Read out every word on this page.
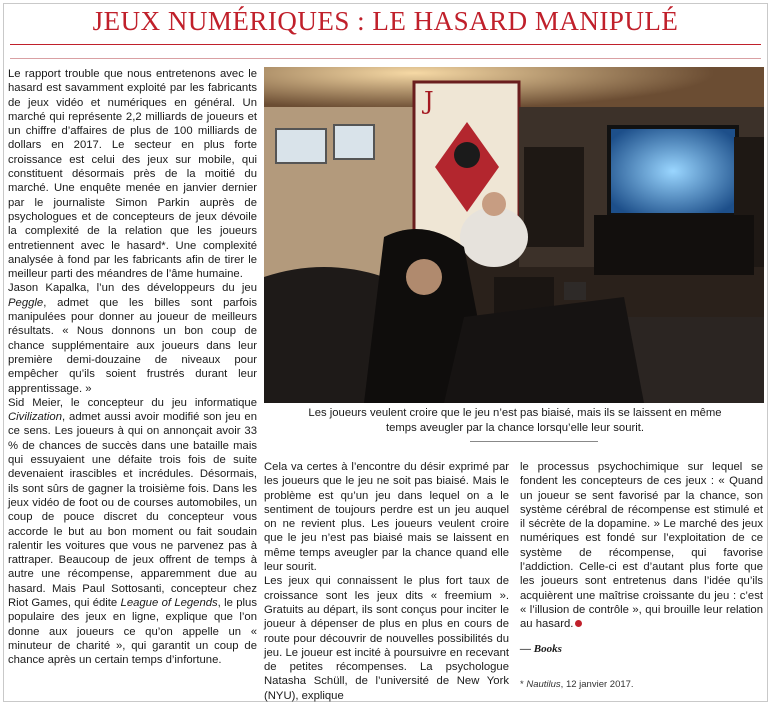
JEUX NUMÉRIQUES : LE HASARD MANIPULÉ

Le rapport trouble que nous entretenons avec le hasard est savamment exploité par les fabricants de jeux vidéo et numériques en général. Un marché qui représente 2,2 milliards de joueurs et un chiffre d’affaires de plus de 100 milliards de dollars en 2017. Le secteur en plus forte croissance est celui des jeux sur mobile, qui constituent désormais près de la moitié du marché. Une enquête menée en janvier dernier par le journaliste Simon Parkin auprès de psychologues et de concepteurs de jeux dévoile la complexité de la relation que les joueurs entretiennent avec le hasard*. Une complexité analysée à fond par les fabricants afin de tirer le meilleur parti des méandres de l’âme humaine.

Jason Kapalka, l’un des développeurs du jeu Peggle, admet que les billes sont parfois manipulées pour donner au joueur de meilleurs résultats. « Nous donnons un bon coup de chance supplémentaire aux joueurs dans leur première demi-douzaine de niveaux pour empêcher qu’ils soient frustrés durant leur apprentissage. »

Sid Meier, le concepteur du jeu informatique Civilization, admet aussi avoir modifié son jeu en ce sens. Les joueurs à qui on annonçait avoir 33 % de chances de succès dans une bataille mais qui essuyaient une défaite trois fois de suite devenaient irascibles et incrédules. Désormais, ils sont sûrs de gagner la troisième fois. Dans les jeux vidéo de foot ou de courses automobiles, un coup de pouce discret du concepteur vous accorde le but au bon moment ou fait soudain ralentir les voitures que vous ne parvenez pas à rattraper. Beaucoup de jeux offrent de temps à autre une récompense, apparemment due au hasard. Mais Paul Sottosanti, concepteur chez Riot Games, qui édite League of Legends, le plus populaire des jeux en ligne, explique que l’on donne aux joueurs ce qu’on appelle un « minuteur de charité », qui garantit un coup de chance après un certain temps d’infortune.

J
Les joueurs veulent croire que le jeu n’est pas biaisé, mais ils se laissent en même temps aveugler par la chance lorsqu’elle leur sourit.

Cela va certes à l’encontre du désir exprimé par les joueurs que le jeu ne soit pas biaisé. Mais le problème est qu’un jeu dans lequel on a le sentiment de toujours perdre est un jeu auquel on ne revient plus. Les joueurs veulent croire que le jeu n’est pas biaisé mais se laissent en même temps aveugler par la chance quand elle leur sourit.

Les jeux qui connaissent le plus fort taux de croissance sont les jeux dits « freemium ». Gratuits au départ, ils sont conçus pour inciter le joueur à dépenser de plus en plus en cours de route pour découvrir de nouvelles possibilités du jeu. Le joueur est incité à poursuivre en recevant de petites récompenses. La psychologue Natasha Schüll, de l’université de New York (NYU), explique

le processus psychochimique sur lequel se fondent les concepteurs de ces jeux : « Quand un joueur se sent favorisé par la chance, son système cérébral de récompense est stimulé et il sécrète de la dopamine. » Le marché des jeux numériques est fondé sur l’exploitation de ce système de récompense, qui favorise l’addiction. Celle-ci est d’autant plus forte que les joueurs sont entretenus dans l’idée qu’ils acquièrent une maîtrise croissante du jeu : c’est « l’illusion de contrôle », qui brouille leur relation au hasard.

— Books
* Nautilus, 12 janvier 2017.
